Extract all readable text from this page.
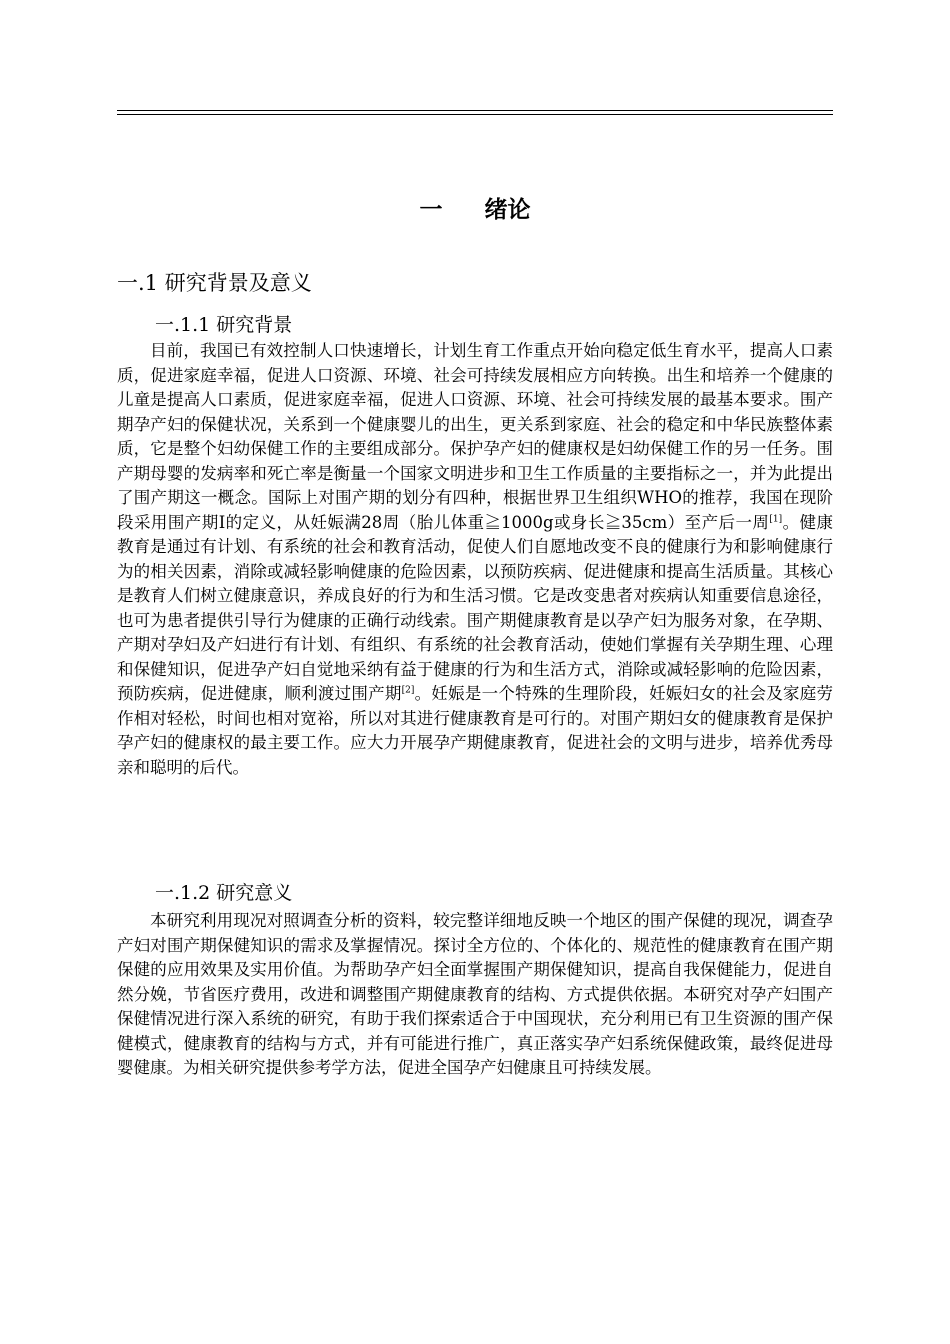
一 绪论
一.1 研究背景及意义
一.1.1 研究背景

目前，我国已有效控制人口快速增长，计划生育工作重点开始向稳定低生育水平，提高人口素质，促进家庭幸福，促进人口资源、环境、社会可持续发展相应方向转换。出生和培养一个健康的儿童是提高人口素质，促进家庭幸福，促进人口资源、环境、社会可持续发展的最基本要求。围产期孕产妇的保健状况，关系到一个健康婴儿的出生，更关系到家庭、社会的稳定和中华民族整体素质，它是整个妇幼保健工作的主要组成部分。保护孕产妇的健康权是妇幼保健工作的另一任务。围产期母婴的发病率和死亡率是衡量一个国家文明进步和卫生工作质量的主要指标之一，并为此提出了围产期这一概念。国际上对围产期的划分有四种，根据世界卫生组织WHO的推荐，我国在现阶段采用围产期I的定义，从妊娠满28周（胎儿体重≧1000g或身长≧35cm）至产后一周[1]。健康教育是通过有计划、有系统的社会和教育活动，促使人们自愿地改变不良的健康行为和影响健康行为的相关因素，消除或减轻影响健康的危险因素，以预防疾病、促进健康和提高生活质量。其核心是教育人们树立健康意识，养成良好的行为和生活习惯。它是改变患者对疾病认知重要信息途径，也可为患者提供引导行为健康的正确行动线索。围产期健康教育是以孕产妇为服务对象，在孕期、产期对孕妇及产妇进行有计划、有组织、有系统的社会教育活动，使她们掌握有关孕期生理、心理和保健知识，促进孕产妇自觉地采纳有益于健康的行为和生活方式，消除或减轻影响的危险因素，预防疾病，促进健康，顺利渡过围产期[2]。妊娠是一个特殊的生理阶段，妊娠妇女的社会及家庭劳作相对轻松，时间也相对宽裕，所以对其进行健康教育是可行的。对围产期妇女的健康教育是保护孕产妇的健康权的最主要工作。应大力开展孕产期健康教育，促进社会的文明与进步，培养优秀母亲和聪明的后代。

一.1.2 研究意义

本研究利用现况对照调查分析的资料，较完整详细地反映一个地区的围产保健的现况，调查孕产妇对围产期保健知识的需求及掌握情况。探讨全方位的、个体化的、规范性的健康教育在围产期保健的应用效果及实用价值。为帮助孕产妇全面掌握围产期保健知识，提高自我保健能力，促进自然分娩，节省医疗费用，改进和调整围产期健康教育的结构、方式提供依据。本研究对孕产妇围产保健情况进行深入系统的研究，有助于我们探索适合于中国现状，充分利用已有卫生资源的围产保健模式，健康教育的结构与方式，并有可能进行推广，真正落实孕产妇系统保健政策，最终促进母婴健康。为相关研究提供参考学方法，促进全国孕产妇健康且可持续发展。
